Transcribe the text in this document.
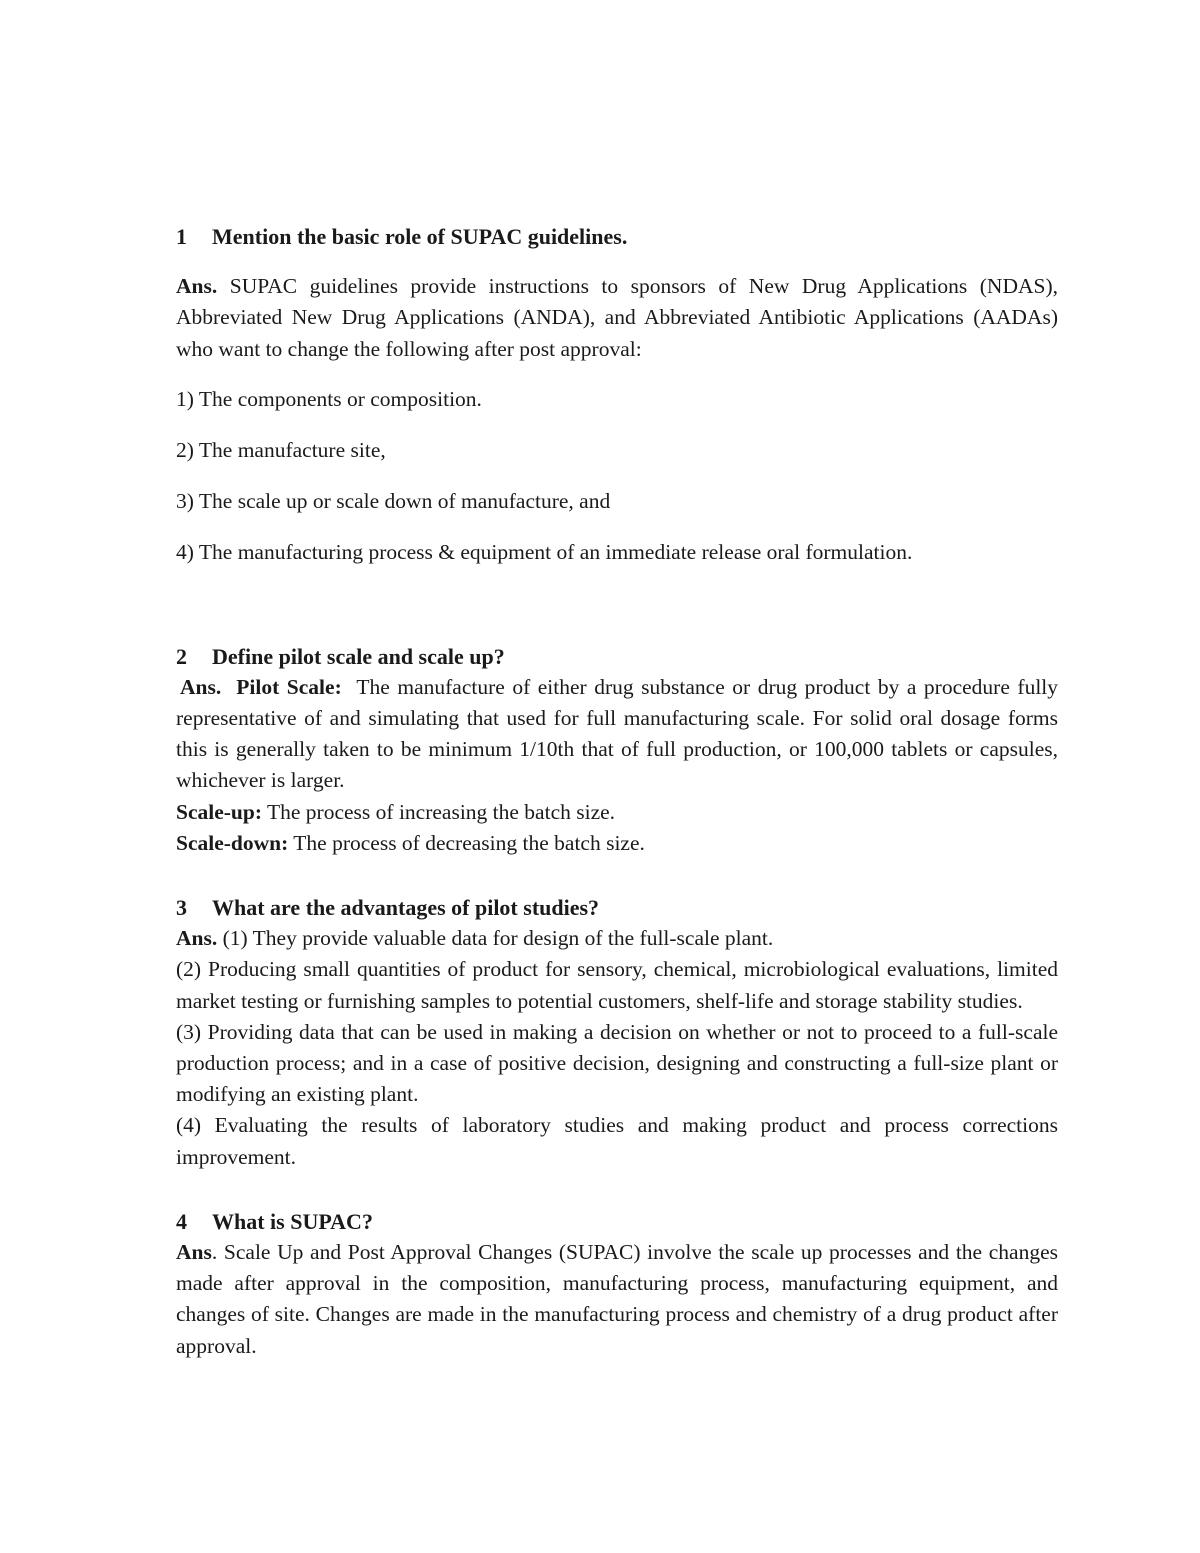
1 Mention the basic role of SUPAC guidelines.

Ans. SUPAC guidelines provide instructions to sponsors of New Drug Applications (NDAS), Abbreviated New Drug Applications (ANDA), and Abbreviated Antibiotic Applications (AADAs) who want to change the following after post approval:

1) The components or composition.

2) The manufacture site,

3) The scale up or scale down of manufacture, and

4) The manufacturing process & equipment of an immediate release oral formulation.

2 Define pilot scale and scale up?

Ans. Pilot Scale: The manufacture of either drug substance or drug product by a procedure fully representative of and simulating that used for full manufacturing scale. For solid oral dosage forms this is generally taken to be minimum 1/10th that of full production, or 100,000 tablets or capsules, whichever is larger.

Scale-up: The process of increasing the batch size.

Scale-down: The process of decreasing the batch size.

3 What are the advantages of pilot studies?

Ans. (1) They provide valuable data for design of the full-scale plant.

(2) Producing small quantities of product for sensory, chemical, microbiological evaluations, limited market testing or furnishing samples to potential customers, shelf-life and storage stability studies.

(3) Providing data that can be used in making a decision on whether or not to proceed to a full-scale production process; and in a case of positive decision, designing and constructing a full-size plant or modifying an existing plant.

(4) Evaluating the results of laboratory studies and making product and process corrections improvement.

4 What is SUPAC?

Ans. Scale Up and Post Approval Changes (SUPAC) involve the scale up processes and the changes made after approval in the composition, manufacturing process, manufacturing equipment, and changes of site. Changes are made in the manufacturing process and chemistry of a drug product after approval.
